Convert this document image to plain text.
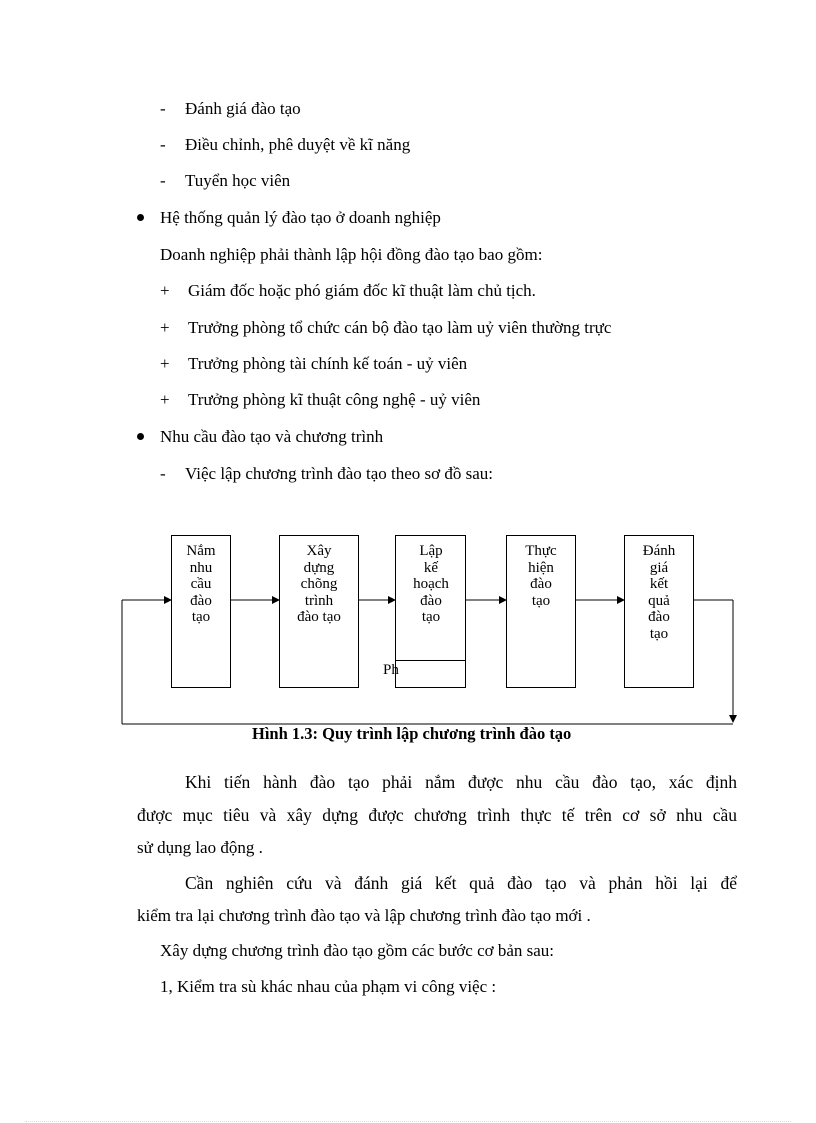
- Đánh giá đào tạo
- Điều chỉnh, phê duyệt về kĩ năng
- Tuyển học viên
Hệ thống quản lý đào tạo ở doanh nghiệp
Doanh nghiệp phải thành lập hội đồng đào tạo bao gồm:
+ Giám đốc hoặc phó giám đốc kĩ thuật làm chủ tịch.
+ Trưởng phòng tổ chức cán bộ đào tạo làm uỷ viên thường trực
+ Trưởng phòng tài chính kế toán - uỷ viên
+ Trưởng phòng kĩ thuật công nghệ - uỷ viên
Nhu cầu đào tạo và chương trình
- Việc lập chương trình đào tạo theo sơ đồ sau:
Ph
Nắm
nhu
cầu
đào
tạo
Xây
dựng
chõng
trình
đào tạo
Lập
kế
hoạch
đào
tạo
Thực
hiện
đào
tạo
Đánh
giá
kết
quả
đào
tạo
Hình 1.3: Quy trình lập chương trình đào tạo
Khi tiến hành đào tạo phải nắm được nhu cầu đào tạo, xác định
được mục tiêu và xây dựng được chương trình thực tế trên cơ sở nhu cầu
sử dụng lao động .
Cần nghiên cứu và đánh giá kết quả đào tạo và phản hồi lại để
kiểm tra lại chương trình đào tạo và lập chương trình đào tạo mới .
Xây dựng chương trình đào tạo gồm các bước cơ bản sau:
1, Kiểm tra sù khác nhau của phạm vi công việc :
